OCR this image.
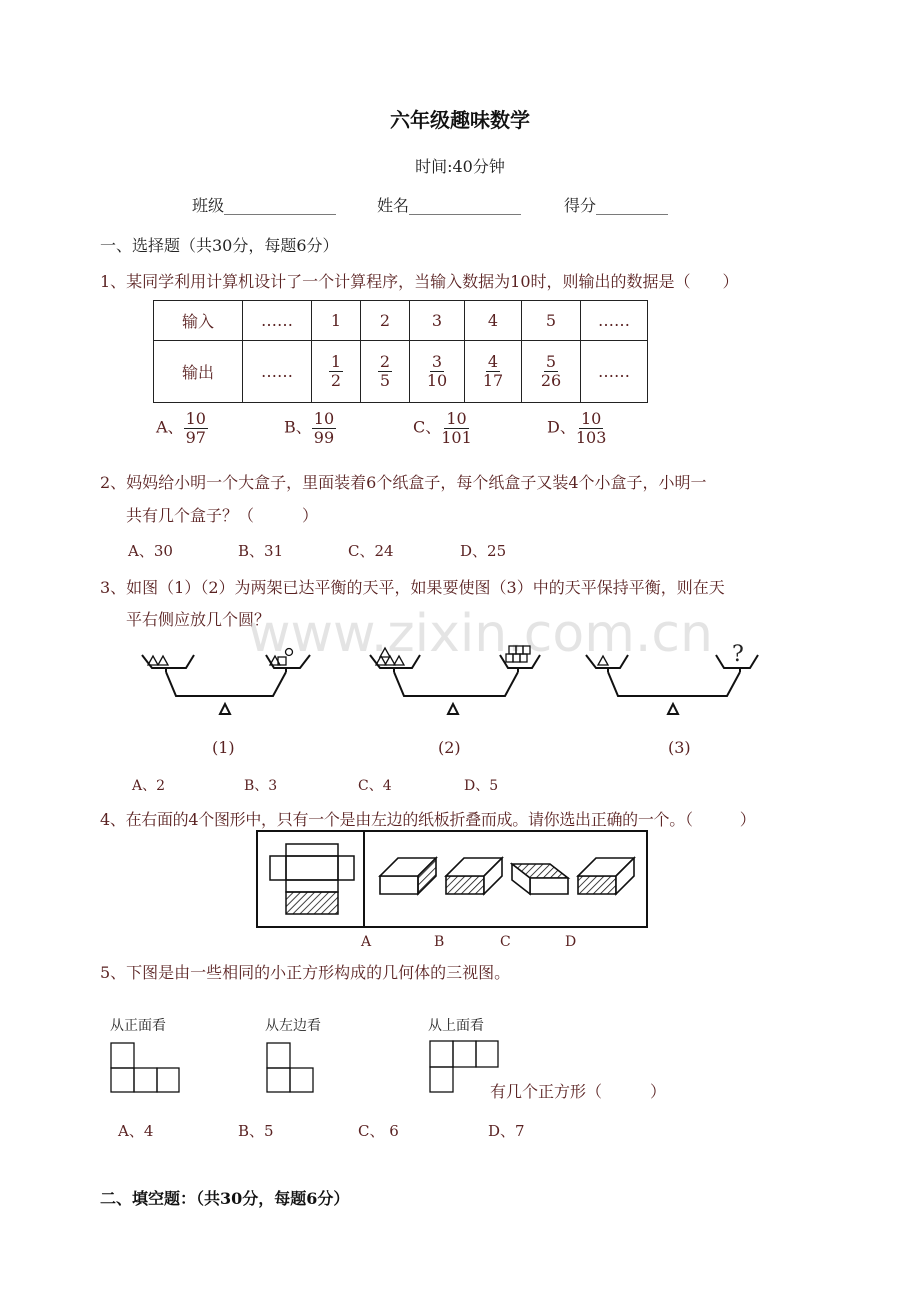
六年级趣味数学
时间:40分钟
班级______________	姓名______________	得分_________
一、选择题（共30分，每题6分）
1、某同学利用计算机设计了一个计算程序，当输入数据为10时，则输出的数据是（　　）
输入	……	1	2	3	4	5	……
输出	……	$\frac{1}{2}$	$\frac{2}{5}$	$\frac{3}{10}$	$\frac{4}{17}$	$\frac{5}{26}$	……
A、 $\frac{10}{97}$	B、 $\frac{10}{99}$	C、 $\frac{10}{101}$	D、 $\frac{10}{103}$
2、妈妈给小明一个大盒子，里面装着6个纸盒子，每个纸盒子又装4个小盒子，小明一
共有几个盒子？（　　　）
A、30	B、31	C、24	D、25
3、如图（1）（2）为两架已达平衡的天平，如果要使图（3）中的天平保持平衡，则在天
平右侧应放几个圆？
www.zixin.com.cn
(1)	(2)
?
(3)
A、2	B、3	C、4	D、5
4、在右面的4个图形中，只有一个是由左边的纸板折叠而成。请你选出正确的一个。（　　　）
A	B	C	D
5、下图是由一些相同的小正方形构成的几何体的三视图。
从正面看	从左边看	从上面看
有几个正方形（　　　）
A、4	B、5	C、 6	D、7
二、填空题：（共30分，每题6分）
